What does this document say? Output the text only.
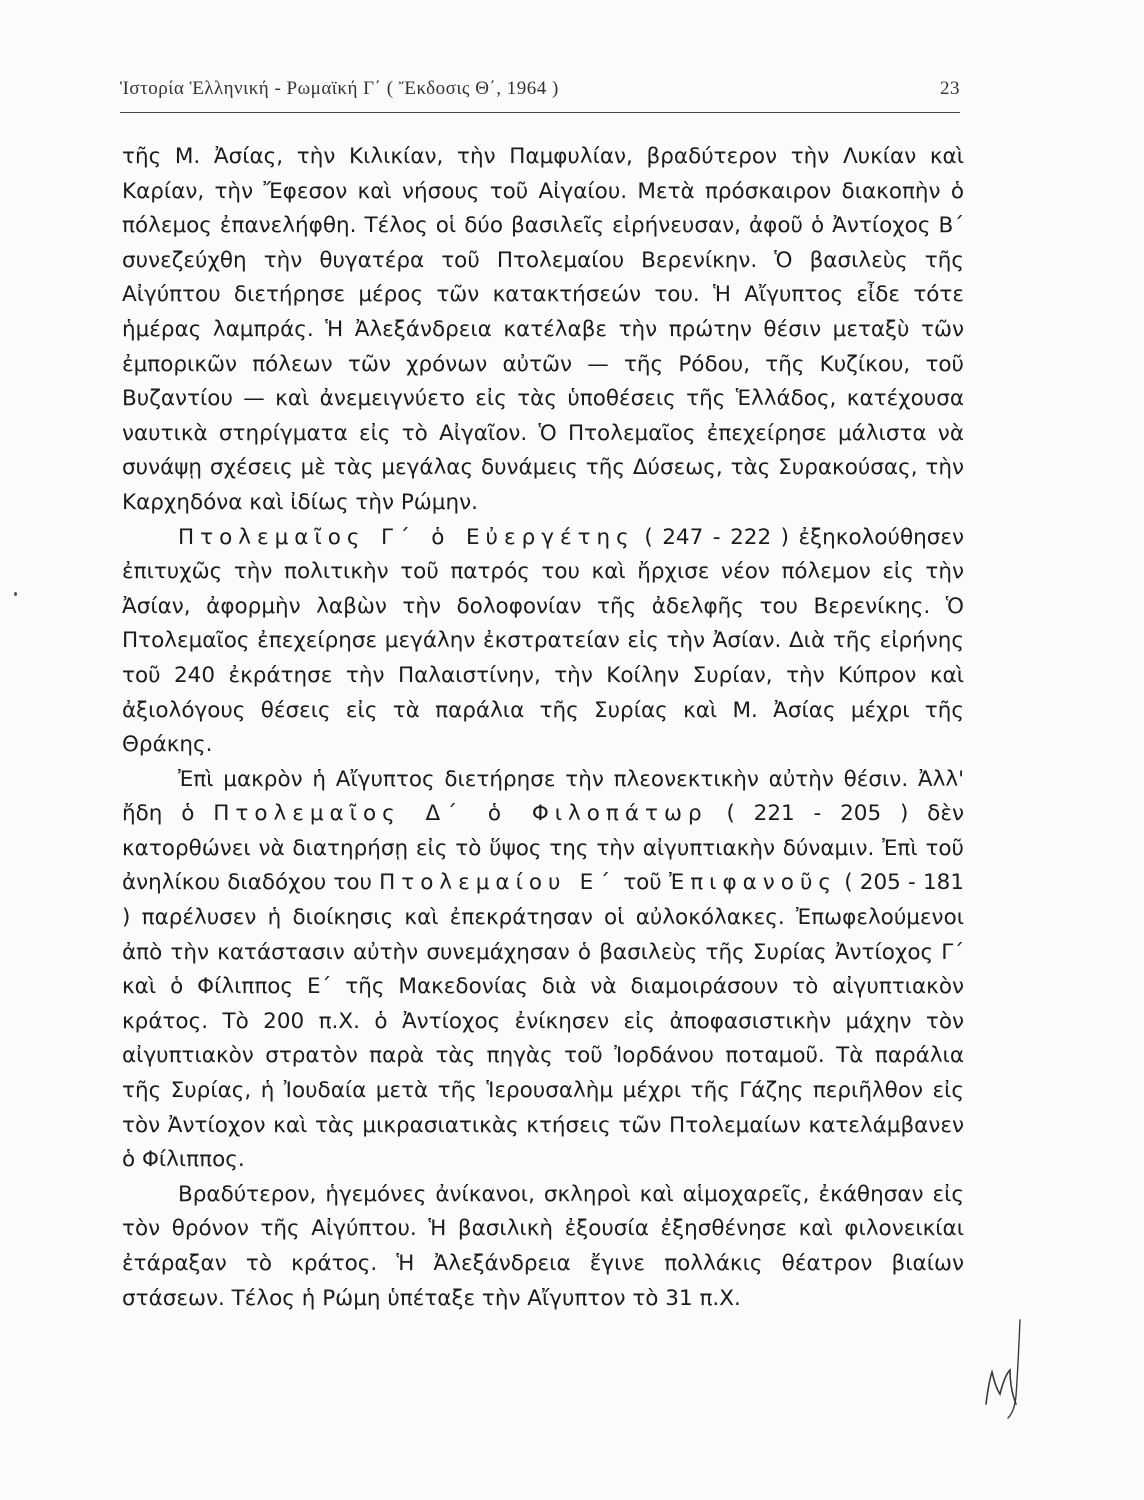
Ἱστορία Ἑλληνική - Ρωμαϊκή Γ΄ ( Ἔκδοσις Θ΄, 1964 )	23

τῆς Μ. Ἀσίας, τὴν Κιλικίαν, τὴν Παμφυλίαν, βραδύτερον τὴν Λυκίαν καὶ Καρίαν, τὴν Ἔφεσον καὶ νήσους τοῦ Αἰγαίου. Μετὰ πρόσκαιρον διακοπὴν ὁ πόλεμος ἐπανελήφθη. Τέλος οἱ δύο βασιλεῖς εἰρήνευσαν, ἀφοῦ ὁ Ἀντίοχος Β΄ συνεζεύχθη τὴν θυγατέρα τοῦ Πτολεμαίου Βερενίκην. Ὁ βασιλεὺς τῆς Αἰγύπτου διετήρησε μέρος τῶν κατακτήσεών του. Ἡ Αἴγυπτος εἶδε τότε ἡμέρας λαμπράς. Ἡ Ἀλεξάνδρεια κατέλαβε τὴν πρώτην θέσιν μεταξὺ τῶν ἐμπορικῶν πόλεων τῶν χρόνων αὐτῶν — τῆς Ρόδου, τῆς Κυζίκου, τοῦ Βυζαντίου — καὶ ἀνεμειγνύετο εἰς τὰς ὑποθέσεις τῆς Ἑλλάδος, κατέχουσα ναυτικὰ στηρίγματα εἰς τὸ Αἰγαῖον. Ὁ Πτολεμαῖος ἐπεχείρησε μάλιστα νὰ συνάψῃ σχέσεις μὲ τὰς μεγάλας δυνάμεις τῆς Δύσεως, τὰς Συρακούσας, τὴν Καρχηδόνα καὶ ἰδίως τὴν Ρώμην.

Πτολεμαῖος Γ΄ ὁ Εὐεργέτης ( 247 - 222 ) ἐξηκολούθησεν ἐπιτυχῶς τὴν πολιτικὴν τοῦ πατρός του καὶ ἤρχισε νέον πόλεμον εἰς τὴν Ἀσίαν, ἀφορμὴν λαβὼν τὴν δολοφονίαν τῆς ἀδελφῆς του Βερενίκης. Ὁ Πτολεμαῖος ἐπεχείρησε μεγάλην ἐκστρατείαν εἰς τὴν Ἀσίαν. Διὰ τῆς εἰρήνης τοῦ 240 ἐκράτησε τὴν Παλαιστίνην, τὴν Κοίλην Συρίαν, τὴν Κύπρον καὶ ἀξιολόγους θέσεις εἰς τὰ παράλια τῆς Συρίας καὶ Μ. Ἀσίας μέχρι τῆς Θράκης.

Ἐπὶ μακρὸν ἡ Αἴγυπτος διετήρησε τὴν πλεονεκτικὴν αὐτὴν θέσιν. Ἀλλ' ἤδη ὁ Πτολεμαῖος Δ΄ ὁ Φιλοπάτωρ ( 221 - 205 ) δὲν κατορθώνει νὰ διατηρήσῃ εἰς τὸ ὕψος της τὴν αἰγυπτιακὴν δύναμιν. Ἐπὶ τοῦ ἀνηλίκου διαδόχου του Πτολεμαίου Ε΄ τοῦ Ἐπιφανοῦς ( 205 - 181 ) παρέλυσεν ἡ διοίκησις καὶ ἐπεκράτησαν οἱ αὐλοκόλακες. Ἐπωφελούμενοι ἀπὸ τὴν κατάστασιν αὐτὴν συνεμάχησαν ὁ βασιλεὺς τῆς Συρίας Ἀντίοχος Γ΄ καὶ ὁ Φίλιππος Ε΄ τῆς Μακεδονίας διὰ νὰ διαμοιράσουν τὸ αἰγυπτιακὸν κράτος. Τὸ 200 π.Χ. ὁ Ἀντίοχος ἐνίκησεν εἰς ἀποφασιστικὴν μάχην τὸν αἰγυπτιακὸν στρατὸν παρὰ τὰς πηγὰς τοῦ Ἰορδάνου ποταμοῦ. Τὰ παράλια τῆς Συρίας, ἡ Ἰουδαία μετὰ τῆς Ἱερουσαλὴμ μέχρι τῆς Γάζης περιῆλθον εἰς τὸν Ἀντίοχον καὶ τὰς μικρασιατικὰς κτήσεις τῶν Πτολεμαίων κατελάμβανεν ὁ Φίλιππος.

Βραδύτερον, ἡγεμόνες ἀνίκανοι, σκληροὶ καὶ αἱμοχαρεῖς, ἐκάθησαν εἰς τὸν θρόνον τῆς Αἰγύπτου. Ἡ βασιλικὴ ἐξουσία ἐξησθένησε καὶ φιλονεικίαι ἐτάραξαν τὸ κράτος. Ἡ Ἀλεξάνδρεια ἔγινε πολλάκις θέατρον βιαίων στάσεων. Τέλος ἡ Ρώμη ὑπέταξε τὴν Αἴγυπτον τὸ 31 π.Χ.
